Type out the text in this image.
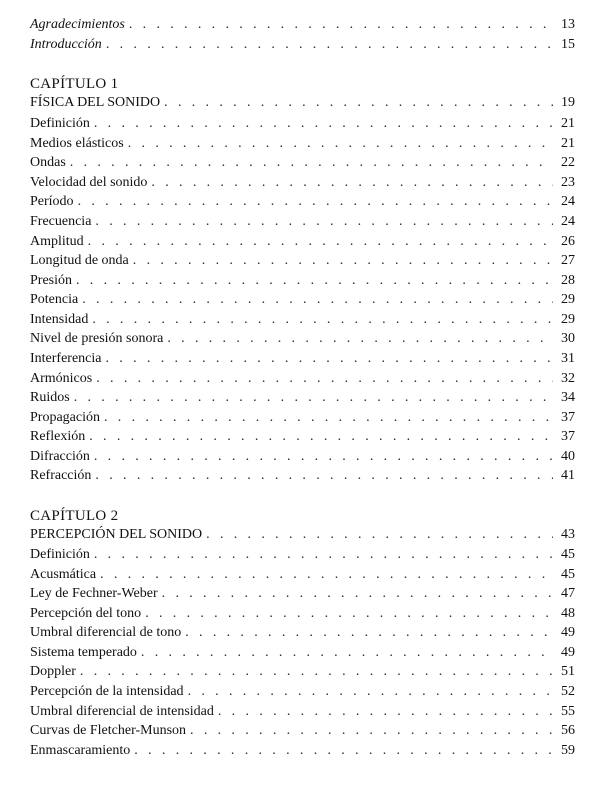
Agradecimientos . . .	13
Introducción . . .	15
CAPÍTULO 1
FÍSICA DEL SONIDO . . .	19
Definición . . .	21
Medios elásticos . . .	21
Ondas . . .	22
Velocidad del sonido . . .	23
Período . . .	24
Frecuencia . . .	24
Amplitud . . .	26
Longitud de onda . . .	27
Presión . . .	28
Potencia . . .	29
Intensidad . . .	29
Nivel de presión sonora . . .	30
Interferencia . . .	31
Armónicos . . .	32
Ruidos . . .	34
Propagación . . .	37
Reflexión . . .	37
Difracción . . .	40
Refracción . . .	41
CAPÍTULO 2
PERCEPCIÓN DEL SONIDO . . .	43
Definición . . .	45
Acusmática . . .	45
Ley de Fechner-Weber . . .	47
Percepción del tono . . .	48
Umbral diferencial de tono . . .	49
Sistema temperado . . .	49
Doppler . . .	51
Percepción de la intensidad . . .	52
Umbral diferencial de intensidad . . .	55
Curvas de Fletcher-Munson . . .	56
Enmascaramiento . . .	59
